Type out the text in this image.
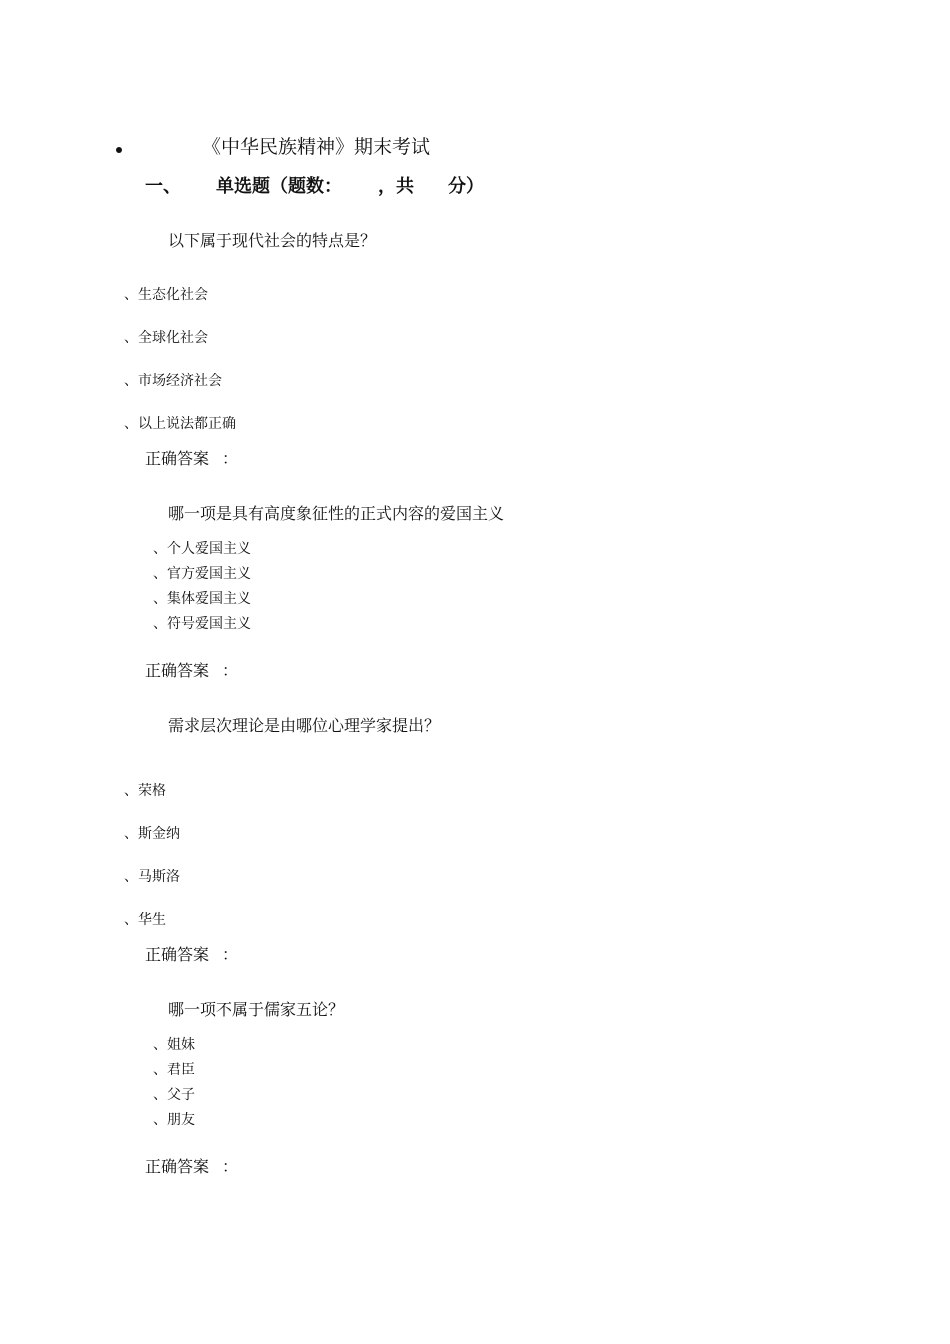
《中华民族精神》期末考试
一、 单选题（题数： ，共 分）
以下属于现代社会的特点是？
、生态化社会
、全球化社会
、市场经济社会
、以上说法都正确
正确答案 ：
哪一项是具有高度象征性的正式内容的爱国主义
、个人爱国主义
、官方爱国主义
、集体爱国主义
、符号爱国主义
正确答案 ：
需求层次理论是由哪位心理学家提出？
、荣格
、斯金纳
、马斯洛
、华生
正确答案 ：
哪一项不属于儒家五论？
、姐妹
、君臣
、父子
、朋友
正确答案 ：
